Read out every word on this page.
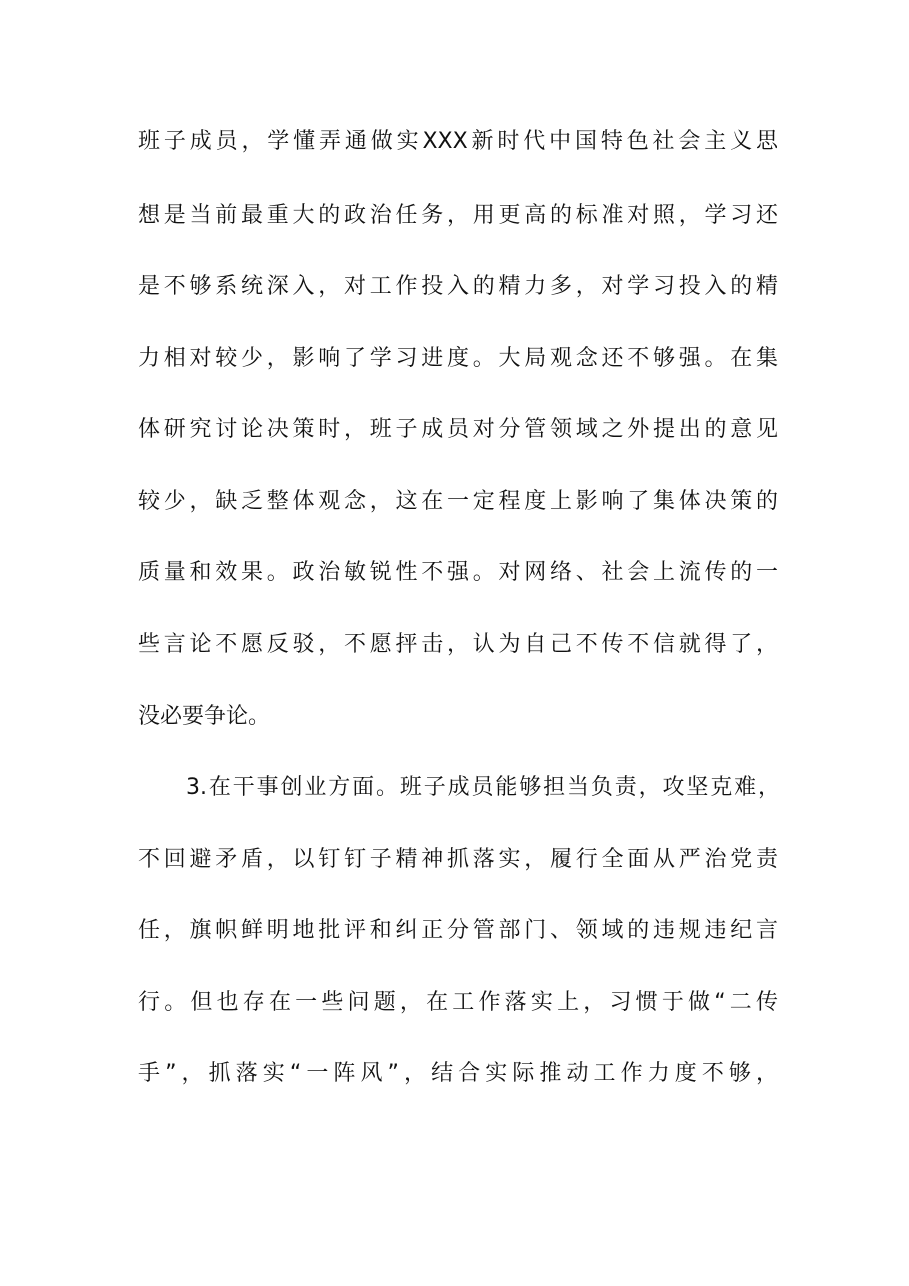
班子成员，学懂弄通做实XXX新时代中国特色社会主义思
想是当前最重大的政治任务，用更高的标准对照，学习还
是不够系统深入，对工作投入的精力多，对学习投入的精
力相对较少，影响了学习进度。大局观念还不够强。在集
体研究讨论决策时，班子成员对分管领域之外提出的意见
较少，缺乏整体观念，这在一定程度上影响了集体决策的
质量和效果。政治敏锐性不强。对网络、社会上流传的一
些言论不愿反驳，不愿抨击，认为自己不传不信就得了，
没必要争论。
3.在干事创业方面。班子成员能够担当负责，攻坚克难，
不回避矛盾，以钉钉子精神抓落实，履行全面从严治党责
任，旗帜鲜明地批评和纠正分管部门、领域的违规违纪言
行。但也存在一些问题，在工作落实上，习惯于做“二传
手”，抓落实“一阵风”，结合实际推动工作力度不够，
